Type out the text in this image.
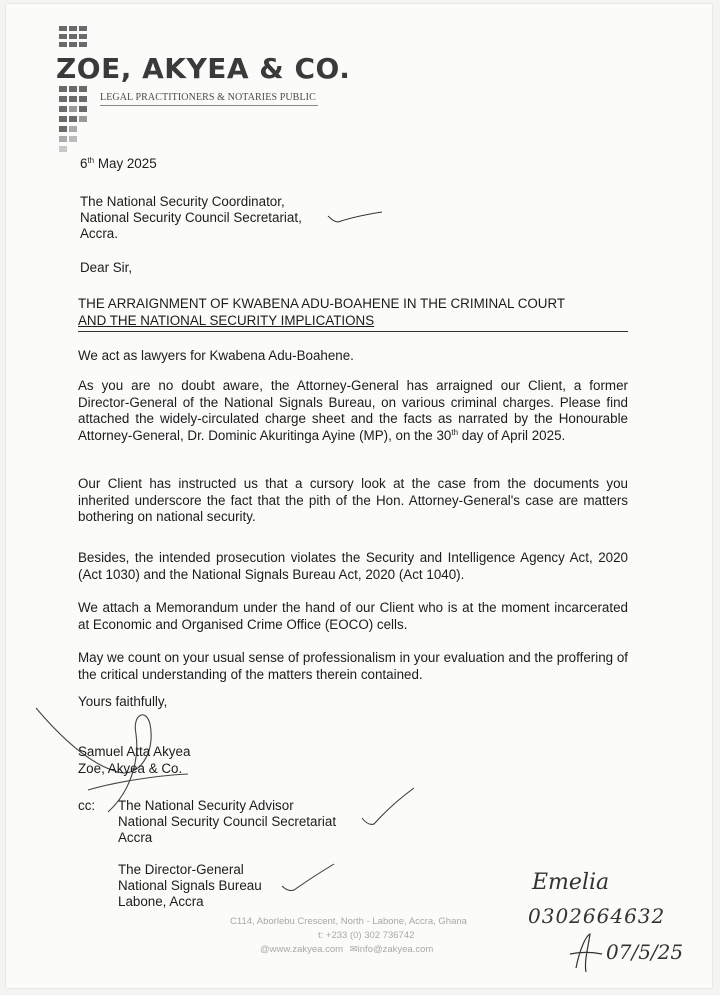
ZOE, AKYEA & CO.
LEGAL PRACTITIONERS & NOTARIES PUBLIC
6th May 2025
The National Security Coordinator,
National Security Council Secretariat,
Accra.
Dear Sir,
THE ARRAIGNMENT OF KWABENA ADU-BOAHENE IN THE CRIMINAL COURT
AND THE NATIONAL SECURITY IMPLICATIONS
We act as lawyers for Kwabena Adu-Boahene.
As you are no doubt aware, the Attorney-General has arraigned our Client, a former Director-General of the National Signals Bureau, on various criminal charges. Please find attached the widely-circulated charge sheet and the facts as narrated by the Honourable Attorney-General, Dr. Dominic Akuritinga Ayine (MP), on the 30th day of April 2025.
Our Client has instructed us that a cursory look at the case from the documents you inherited underscore the fact that the pith of the Hon. Attorney-General's case are matters bothering on national security.
Besides, the intended prosecution violates the Security and Intelligence Agency Act, 2020 (Act 1030) and the National Signals Bureau Act, 2020 (Act 1040).
We attach a Memorandum under the hand of our Client who is at the moment incarcerated at Economic and Organised Crime Office (EOCO) cells.
May we count on your usual sense of professionalism in your evaluation and the proffering of the critical understanding of the matters therein contained.
Yours faithfully,
Samuel Atta Akyea
Zoe, Akyea & Co.
cc: The National Security Advisor
National Security Council Secretariat
Accra
The Director-General
National Signals Bureau
Labone, Accra
C114, Aborlebu Crescent, North - Labone, Accra, Ghana
t: +233 (0) 302 736742
@www.zakyea.com ✉info@zakyea.com
Emelia
0302664632
07/5/25
